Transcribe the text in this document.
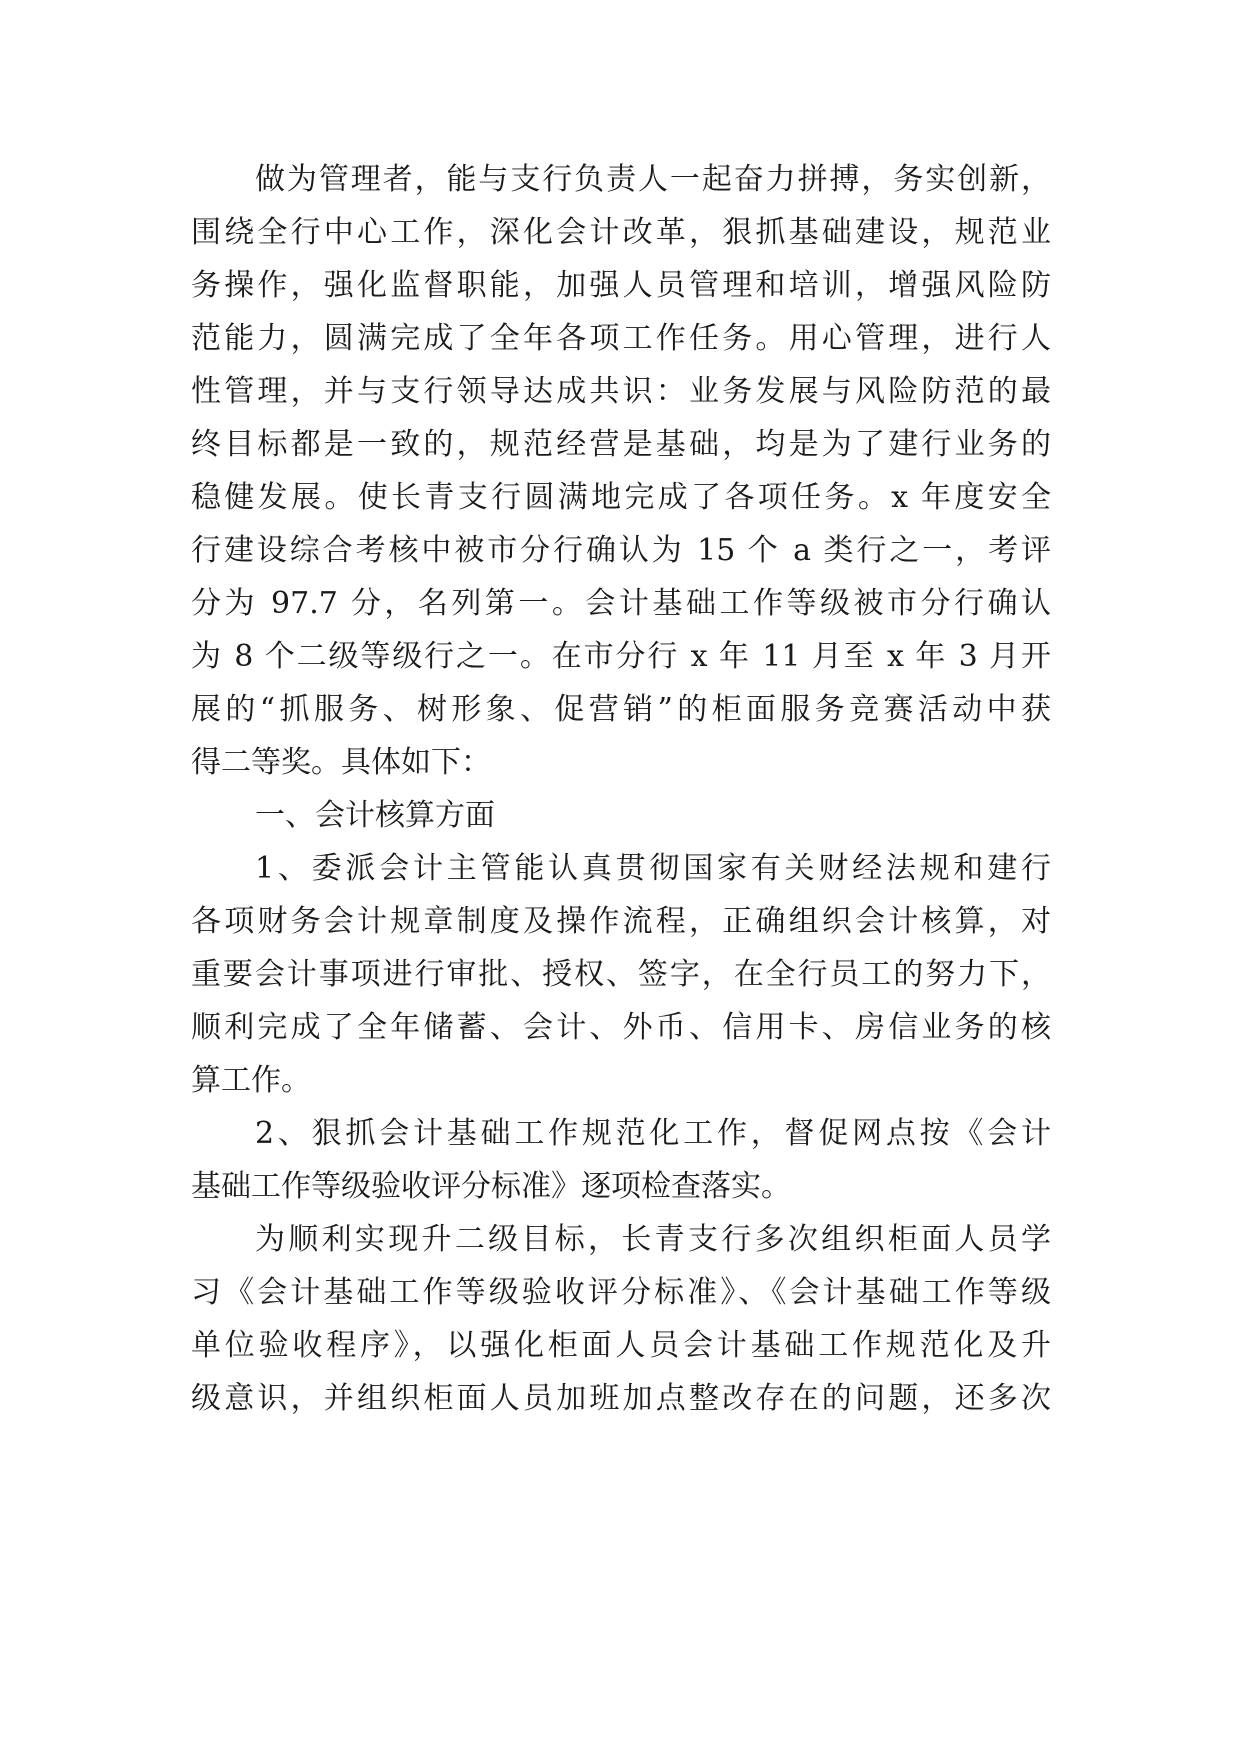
做为管理者，能与支行负责人一起奋力拼搏，务实创新，
围绕全行中心工作，深化会计改革，狠抓基础建设，规范业
务操作，强化监督职能，加强人员管理和培训，增强风险防
范能力，圆满完成了全年各项工作任务。用心管理，进行人
性管理，并与支行领导达成共识：业务发展与风险防范的最
终目标都是一致的，规范经营是基础，均是为了建行业务的
稳健发展。使长青支行圆满地完成了各项任务。x 年度安全
行建设综合考核中被市分行确认为 15 个 a 类行之一，考评
分为 97.7 分，名列第一。会计基础工作等级被市分行确认
为 8 个二级等级行之一。在市分行 x 年 11 月至 x 年 3 月开
展的“抓服务、树形象、促营销”的柜面服务竞赛活动中获
得二等奖。具体如下：
一、会计核算方面
1、委派会计主管能认真贯彻国家有关财经法规和建行
各项财务会计规章制度及操作流程，正确组织会计核算，对
重要会计事项进行审批、授权、签字，在全行员工的努力下，
顺利完成了全年储蓄、会计、外币、信用卡、房信业务的核
算工作。
2、狠抓会计基础工作规范化工作，督促网点按《会计
基础工作等级验收评分标准》逐项检查落实。
为顺利实现升二级目标，长青支行多次组织柜面人员学
习《会计基础工作等级验收评分标准》、《会计基础工作等级
单位验收程序》，以强化柜面人员会计基础工作规范化及升
级意识，并组织柜面人员加班加点整改存在的问题，还多次
